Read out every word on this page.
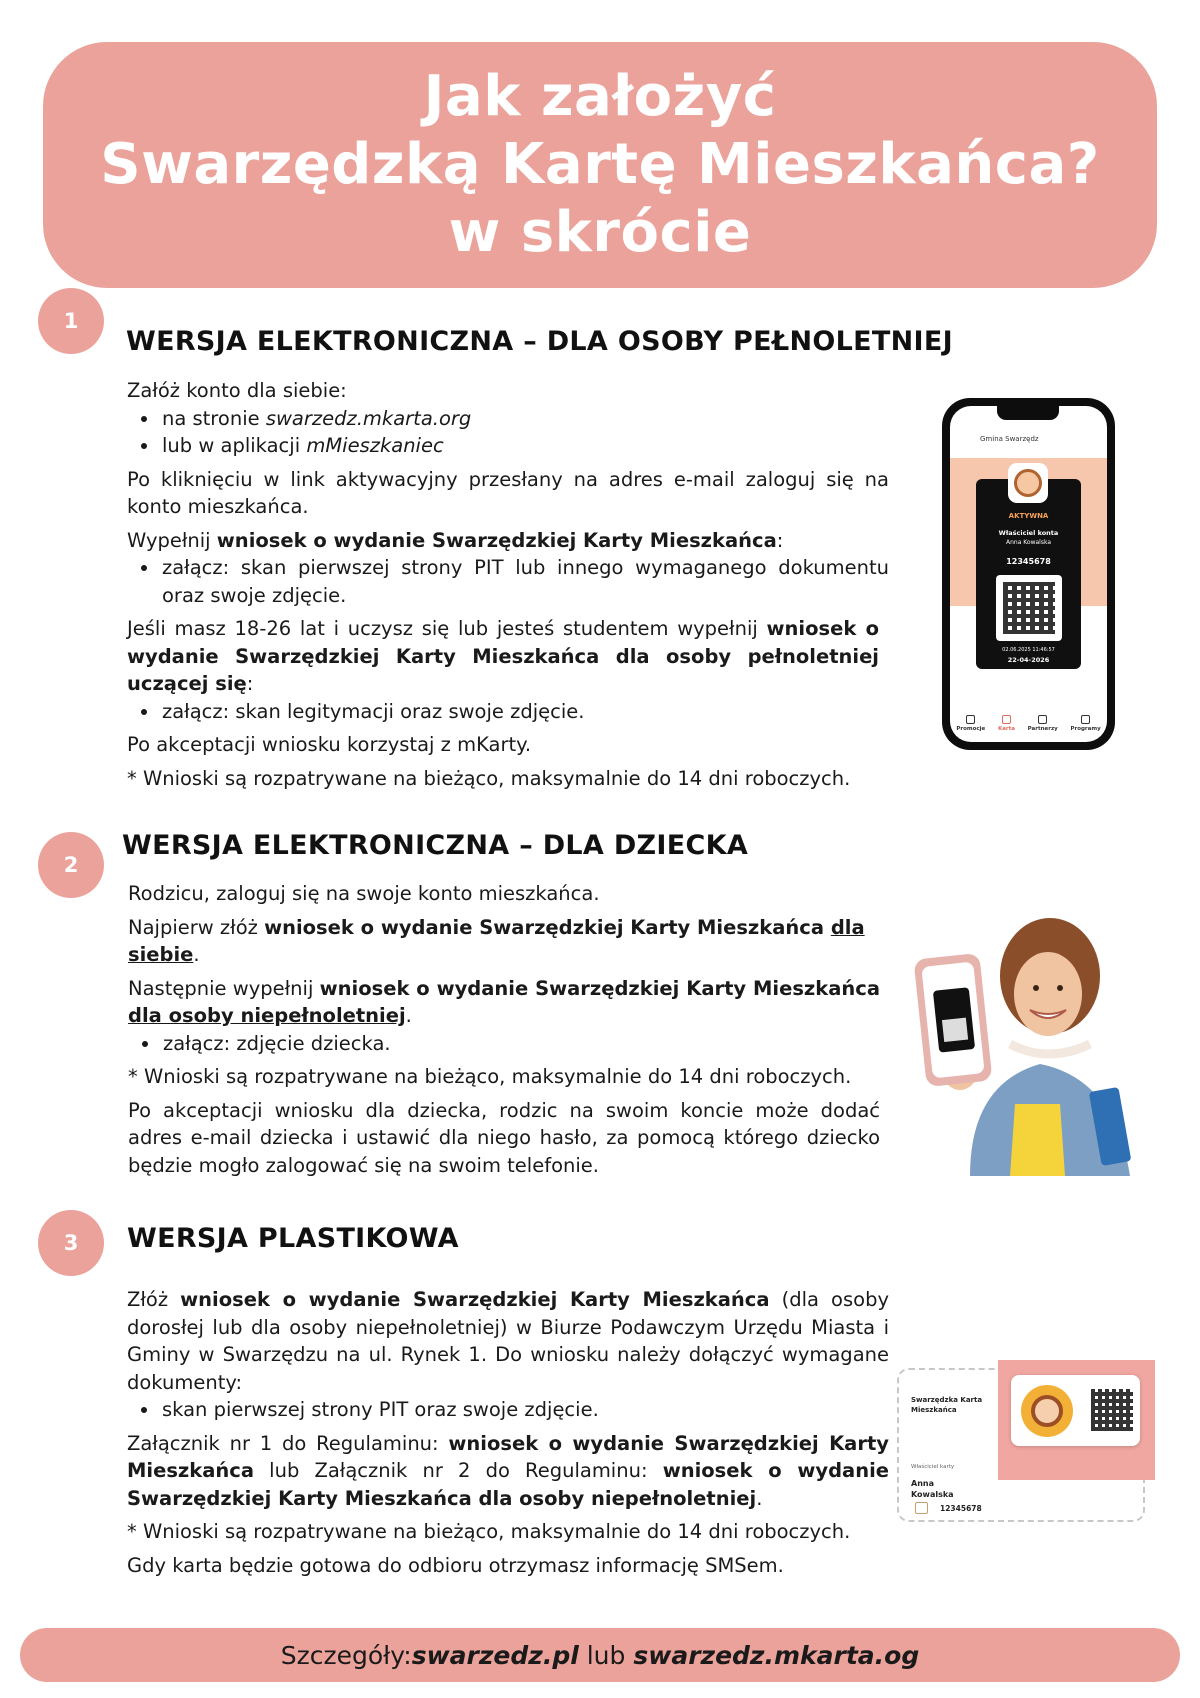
Jak założyć
Swarzędzką Kartę Mieszkańca?
w skrócie
1
WERSJA ELEKTRONICZNA – DLA OSOBY PEŁNOLETNIEJ

Załóż konto dla siebie:

na stronie swarzedz.mkarta.org
lub w aplikacji mMieszkaniec

Po kliknięciu w link aktywacyjny przesłany na adres e-mail zaloguj się na konto mieszkańca.

Wypełnij wniosek o wydanie Swarzędzkiej Karty Mieszkańca:

załącz: skan pierwszej strony PIT lub innego wymaganego dokumentu oraz swoje zdjęcie.

Jeśli masz 18-26 lat i uczysz się lub jesteś studentem wypełnij wniosek o wydanie Swarzędzkiej Karty Mieszkańca dla osoby pełnoletniej uczącej się:

załącz: skan legitymacji oraz swoje zdjęcie.

Po akceptacji wniosku korzystaj z mKarty.

* Wnioski są rozpatrywane na bieżąco, maksymalnie do 14 dni roboczych.

Gmina Swarzędz
AKTYWNA
Właściciel konta
Anna Kowalska
12345678
02.06.2025 11:46:57
22-04-2026
Promocje Karta Partnerzy Programy
2
WERSJA ELEKTRONICZNA – DLA DZIECKA

Rodzicu, zaloguj się na swoje konto mieszkańca.

Najpierw złóż wniosek o wydanie Swarzędzkiej Karty Mieszkańca dla siebie.

Następnie wypełnij wniosek o wydanie Swarzędzkiej Karty Mieszkańca dla osoby niepełnoletniej.

załącz: zdjęcie dziecka.

* Wnioski są rozpatrywane na bieżąco, maksymalnie do 14 dni roboczych.

Po akceptacji wniosku dla dziecka, rodzic na swoim koncie może dodać adres e-mail dziecka i ustawić dla niego hasło, za pomocą którego dziecko będzie mogło zalogować się na swoim telefonie.

3	WERSJA PLASTIKOWA

Złóż wniosek o wydanie Swarzędzkiej Karty Mieszkańca (dla osoby dorosłej lub dla osoby niepełnoletniej) w Biurze Podawczym Urzędu Miasta i Gminy w Swarzędzu na ul. Rynek 1. Do wniosku należy dołączyć wymagane dokumenty:

skan pierwszej strony PIT oraz swoje zdjęcie.

Załącznik nr 1 do Regulaminu: wniosek o wydanie Swarzędzkiej Karty Mieszkańca lub Załącznik nr 2 do Regulaminu: wniosek o wydanie Swarzędzkiej Karty Mieszkańca dla osoby niepełnoletniej.

* Wnioski są rozpatrywane na bieżąco, maksymalnie do 14 dni roboczych.

Gdy karta będzie gotowa do odbioru otrzymasz informację SMSem.

Swarzędzka Karta Mieszkańca
Właściciel karty
Anna Kowalska
12345678
Szczegóły: swarzedz.pl lub swarzedz.mkarta.og
